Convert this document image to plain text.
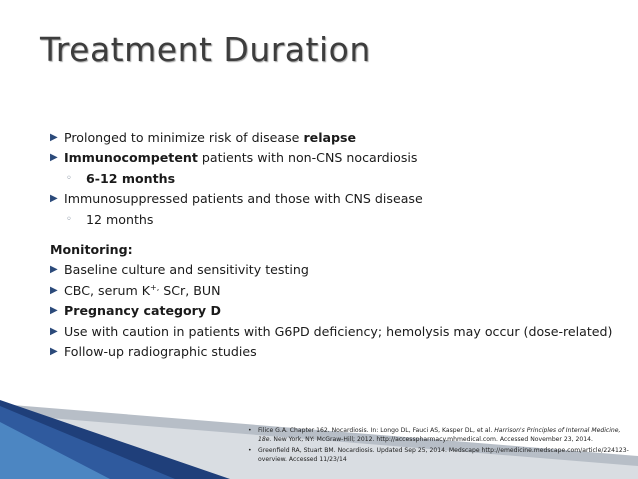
Treatment Duration
▶ Prolonged to minimize risk of disease relapse
▶ Immunocompetent patients with non-CNS nocardiosis
◦ 6-12 months
▶ Immunosuppressed patients and those with CNS disease
◦ 12 months
Monitoring:
▶ Baseline culture and sensitivity testing
▶ CBC, serum K+, SCr, BUN
▶ Pregnancy category D
▶ Use with caution in patients with G6PD deficiency; hemolysis may occur (dose-related)
▶ Follow-up radiographic studies
• Filice G.A. Chapter 162. Nocardiosis. In: Longo DL, Fauci AS, Kasper DL, et al. Harrison's Principles of Internal Medicine, 18e. New York, NY: McGraw-Hill; 2012. http://accesspharmacy.mhmedical.com. Accessed November 23, 2014.
• Greenfield RA, Stuart BM. Nocardiosis. Updated Sep 25, 2014. Medscape http://emedicine.medscape.com/article/224123-overview. Accessed 11/23/14
